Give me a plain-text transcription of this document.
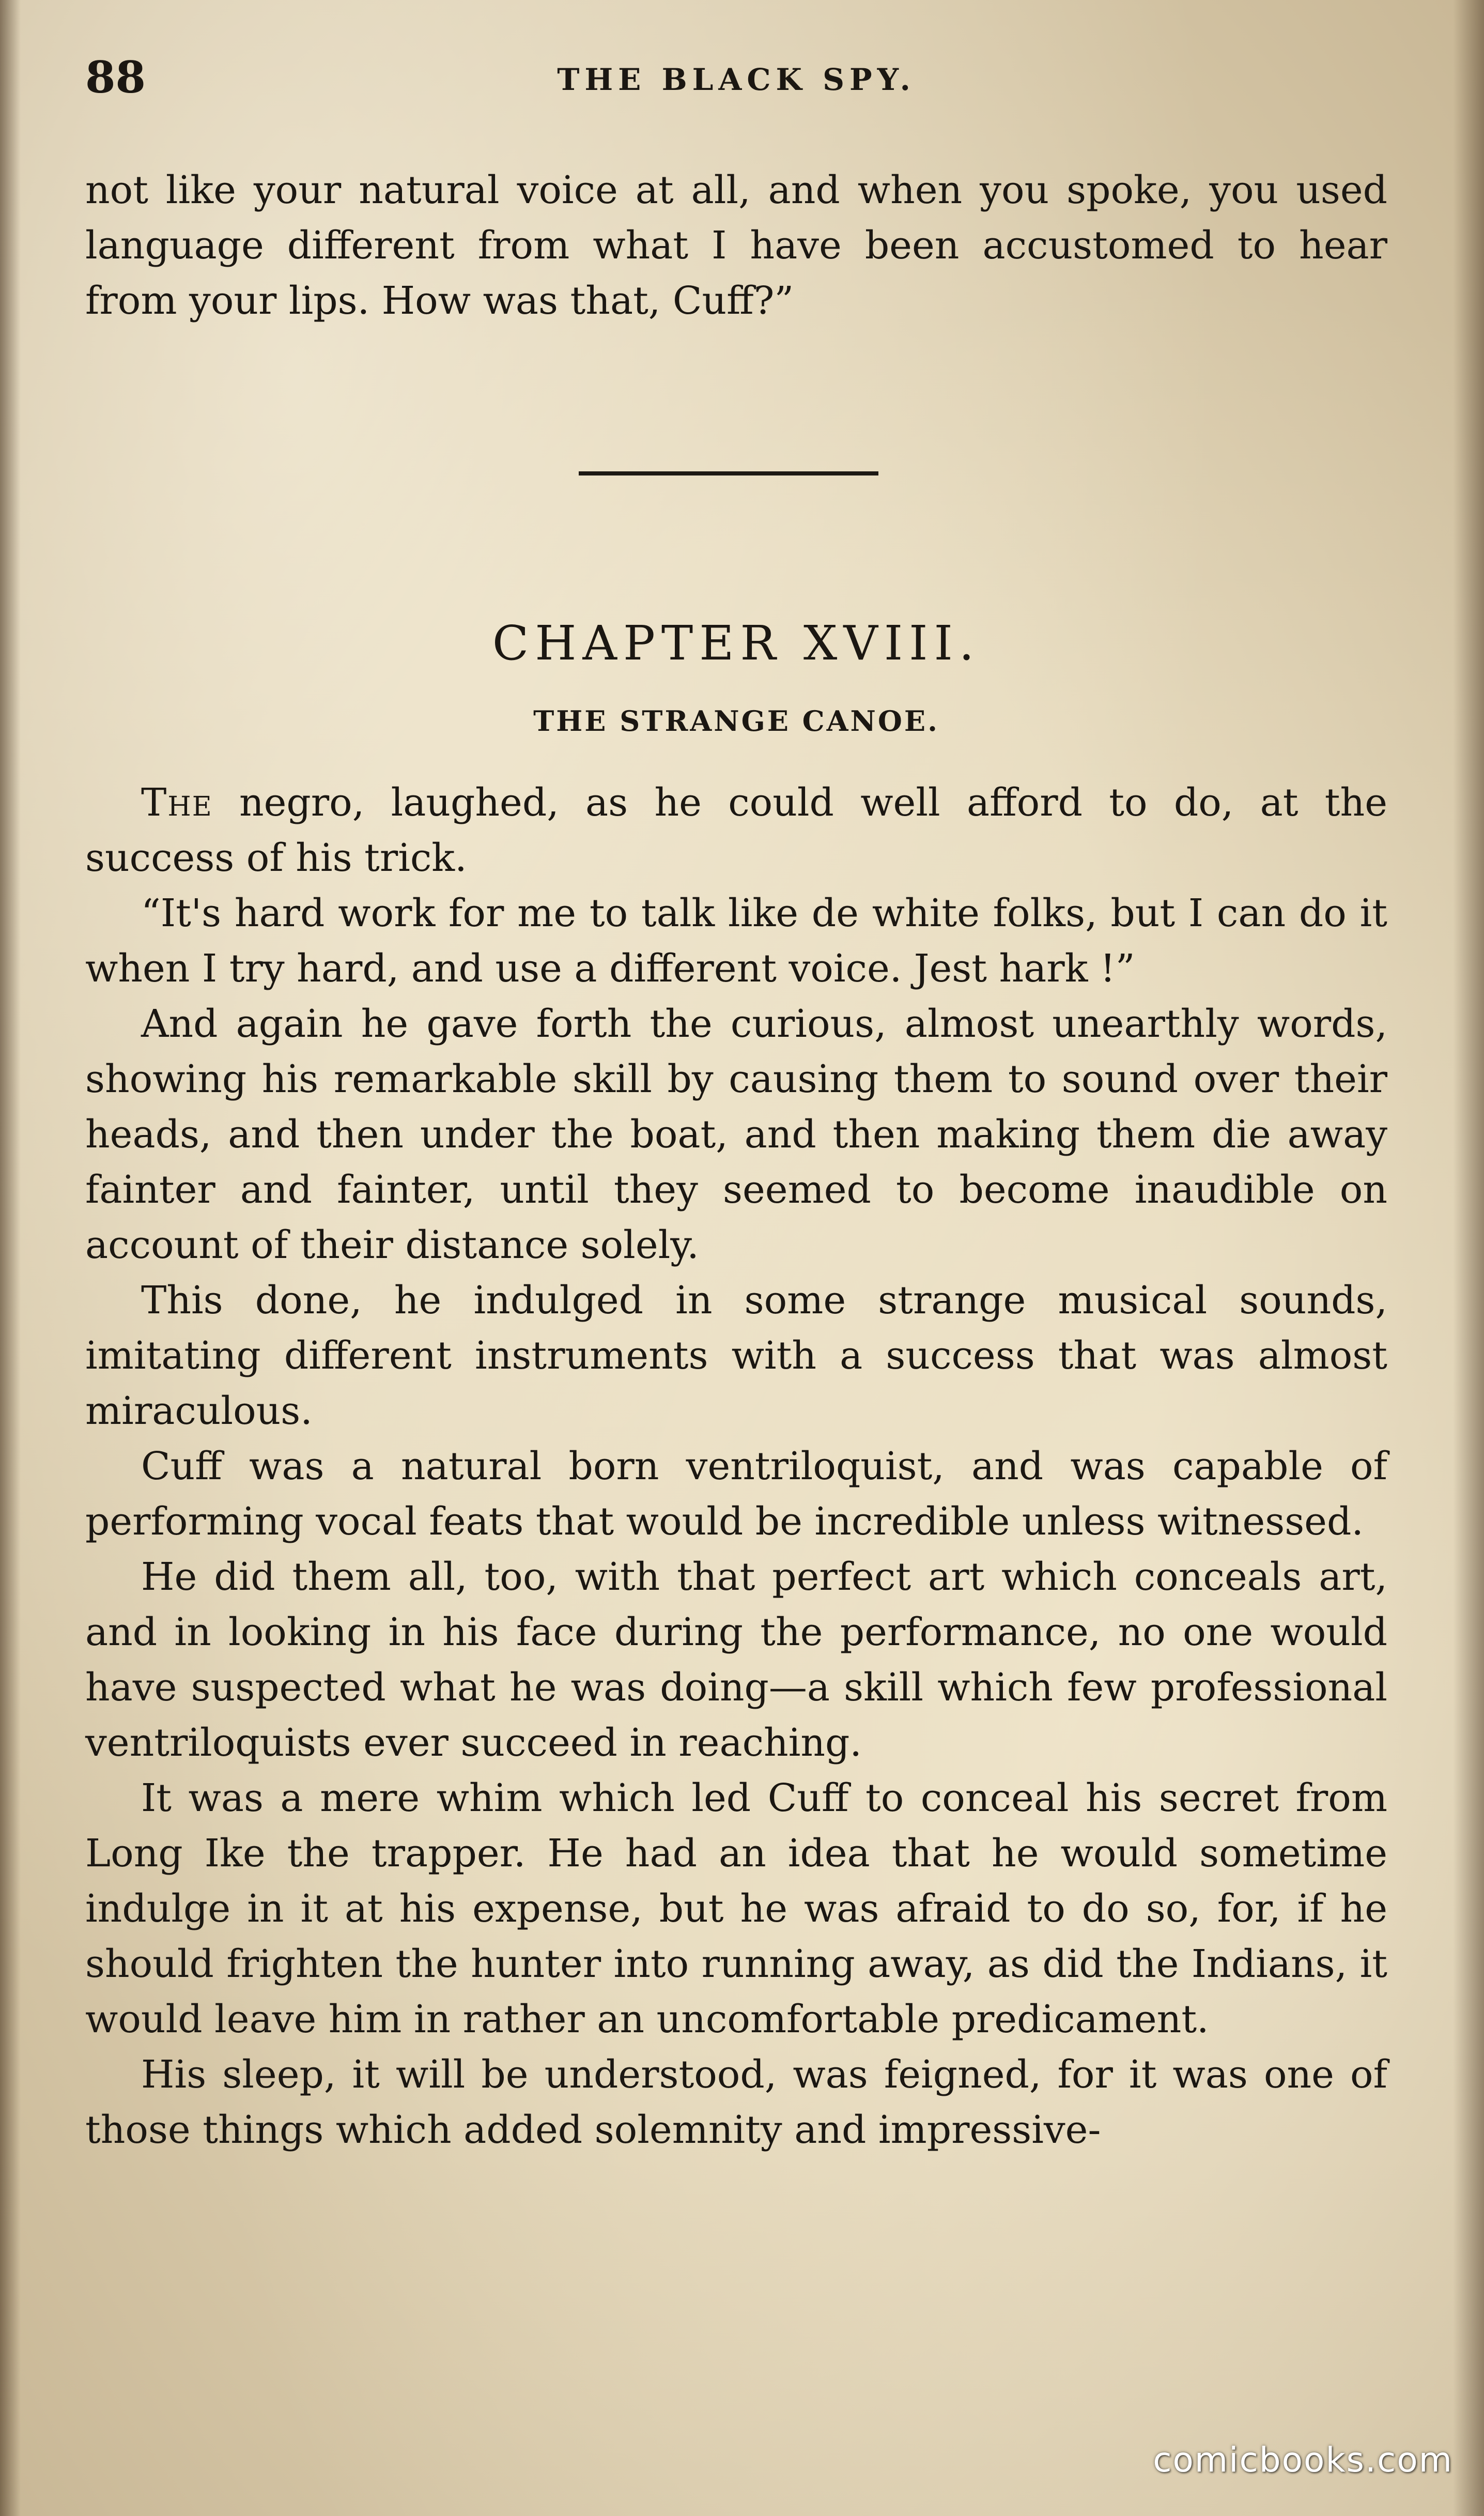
88	THE BLACK SPY.

not like your natural voice at all, and when you spoke, you used language different from what I have been accustomed to hear from your lips. How was that, Cuff?”

CHAPTER XVIII.
THE STRANGE CANOE.

The negro, laughed, as he could well afford to do, at the success of his trick.

“It's hard work for me to talk like de white folks, but I can do it when I try hard, and use a different voice. Jest hark !”

And again he gave forth the curious, almost unearthly words, showing his remarkable skill by causing them to sound over their heads, and then under the boat, and then making them die away fainter and fainter, until they seemed to become inaudible on account of their distance solely.

This done, he indulged in some strange musical sounds, imitating different instruments with a success that was almost miraculous.

Cuff was a natural born ventriloquist, and was capable of performing vocal feats that would be incredible unless witnessed.

He did them all, too, with that perfect art which conceals art, and in looking in his face during the performance, no one would have suspected what he was doing—a skill which few professional ventriloquists ever succeed in reaching.

It was a mere whim which led Cuff to conceal his secret from Long Ike the trapper. He had an idea that he would sometime indulge in it at his expense, but he was afraid to do so, for, if he should frighten the hunter into running away, as did the Indians, it would leave him in rather an uncomfortable predicament.

His sleep, it will be understood, was feigned, for it was one of those things which added solemnity and impressive-

comicbooks.com
